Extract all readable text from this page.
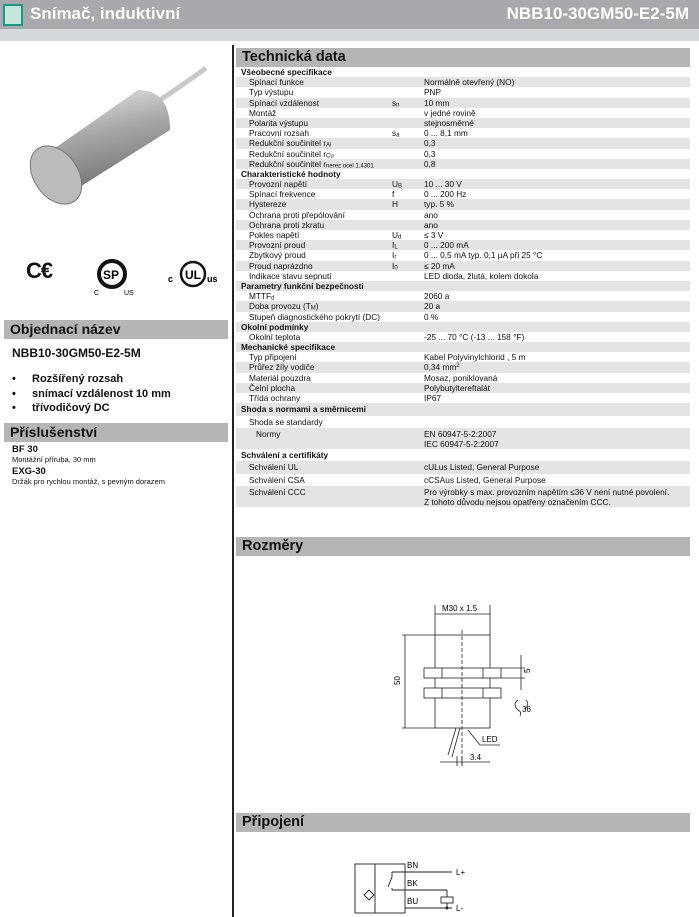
Snímač, induktivní	NBB10-30GM50-E2-5M
C€	SP
C	US
UL
c	us
Objednací název
NBB10-30GM50-E2-5M
• Rozšířený rozsah
• snímací vzdálenost 10 mm
• třívodičový DC
Příslušenství
BF 30
Montážní příruba, 30 mm
EXG-30
Držák pro rychlou montáž, s pevným dorazem
Technická data
Všeobecné specifikace
Spínací funkce	Normálně otevřený (NO)
Typ výstupu	PNP
Spínací vzdálenost	$s_n$	10 mm
Montáž	v jedné rovině
Polarita výstupu	stejnosměrné
Pracovní rozsah	$s_a$	0 ... 8,1 mm
Redukční součinitel $r_{Al}$	0,3
Redukční součinitel $r_{Cu}$	0,3
Redukční součinitel $r_{nerez ocel 1.4301}$	0,8
Charakteristické hodnoty
Provozní napětí	$U_B$	10 ... 30 V
Spínací frekvence	f	0 ... 200 Hz
Hystereze	H	typ. 5 %
Ochrana proti přepólování	ano
Ochrana proti zkratu	ano
Pokles napětí	$U_d$	≤ 3 V
Provozní proud	$I_L$	0 ... 200 mA
Zbytkový proud	$I_r$	0 ... 0,5 mA typ. 0,1 µA při 25 °C
Proud naprázdno	$I_0$	≤ 20 mA
Indikace stavu sepnutí	LED dioda, žlutá, kolem dokola
Parametry funkční bezpečnosti
$MTTF_d$	2060 a
Doba provozu $(T_M)$	20 a
Stupeň diagnostického pokrytí (DC)	0 %
Okolní podmínky
Okolní teplota	-25 ... 70 °C (-13 ... 158 °F)
Mechanické specifikace
Typ připojení	Kabel Polyvinylchlorid , 5 m
Průřez žíly vodiče	0,34 $mm^2$
Materiál pouzdra	Mosaz, poniklovaná
Čelní plocha	Polybutyltereftalát
Třída ochrany	IP67
Shoda s normami a směrnicemi
Shoda se standardy
Normy	EN 60947-5-2:2007
IEC 60947-5-2:2007
Schválení a certifikáty
Schválení UL	cULus Listed, General Purpose
Schválení CSA	cCSAus Listed, General Purpose
Schválení CCC	Pro výrobky s max. provozním napětím ≤36 V není nutné povolení.
Z tohoto důvodu nejsou opatřeny označením CCC.
Rozměry
M30 x 1.5
50
5
36
LED
3.4
Připojení
BN
BK
BU
L+
L-
